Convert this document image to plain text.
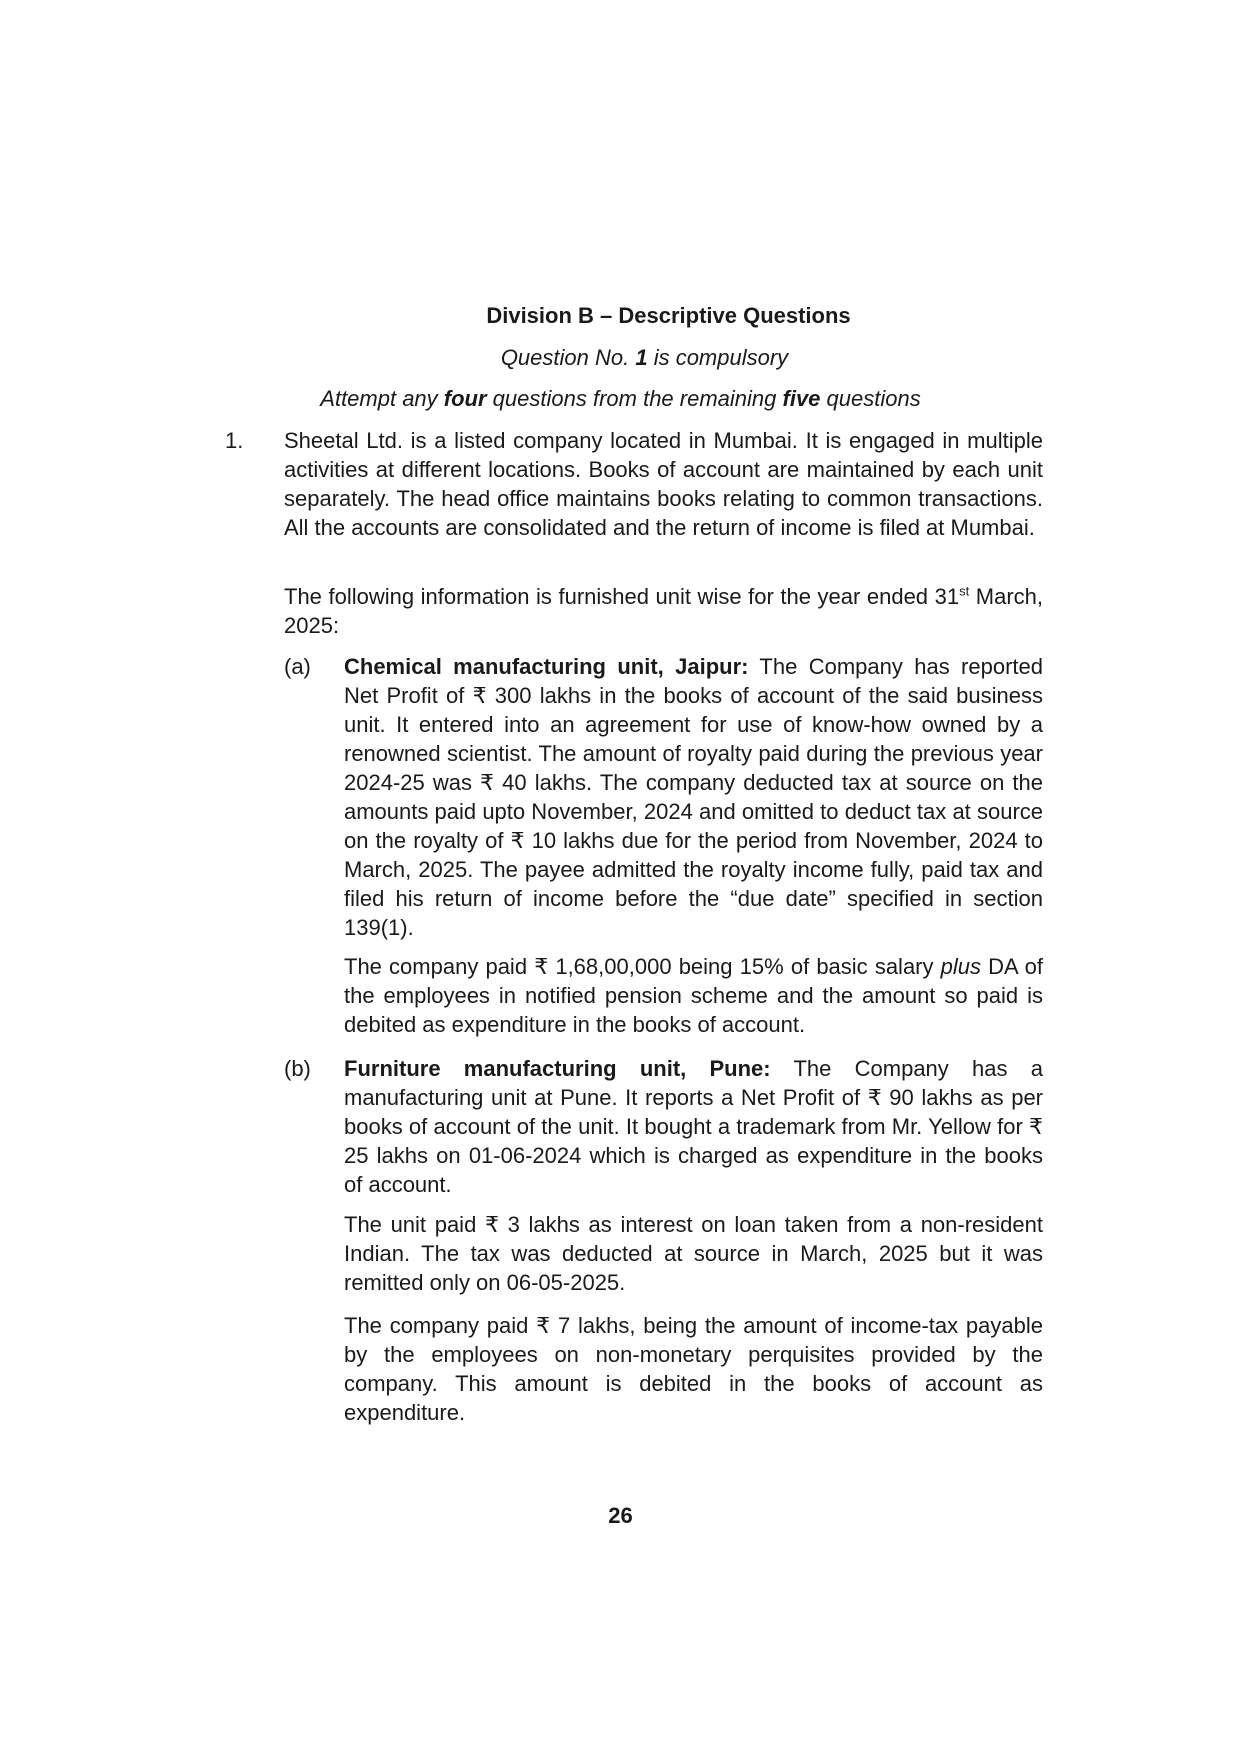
Division B – Descriptive Questions
Question No. 1 is compulsory
Attempt any four questions from the remaining five questions
1. Sheetal Ltd. is a listed company located in Mumbai. It is engaged in multiple activities at different locations. Books of account are maintained by each unit separately. The head office maintains books relating to common transactions. All the accounts are consolidated and the return of income is filed at Mumbai.

The following information is furnished unit wise for the year ended 31st March, 2025:

(a) Chemical manufacturing unit, Jaipur: The Company has reported Net Profit of ₹ 300 lakhs in the books of account of the said business unit. It entered into an agreement for use of know-how owned by a renowned scientist. The amount of royalty paid during the previous year 2024-25 was ₹ 40 lakhs. The company deducted tax at source on the amounts paid upto November, 2024 and omitted to deduct tax at source on the royalty of ₹ 10 lakhs due for the period from November, 2024 to March, 2025. The payee admitted the royalty income fully, paid tax and filed his return of income before the “due date” specified in section 139(1).

The company paid ₹ 1,68,00,000 being 15% of basic salary plus DA of the employees in notified pension scheme and the amount so paid is debited as expenditure in the books of account.

(b) Furniture manufacturing unit, Pune: The Company has a manufacturing unit at Pune. It reports a Net Profit of ₹ 90 lakhs as per books of account of the unit. It bought a trademark from Mr. Yellow for ₹ 25 lakhs on 01-06-2024 which is charged as expenditure in the books of account.

The unit paid ₹ 3 lakhs as interest on loan taken from a non-resident Indian. The tax was deducted at source in March, 2025 but it was remitted only on 06-05-2025.

The company paid ₹ 7 lakhs, being the amount of income-tax payable by the employees on non-monetary perquisites provided by the company. This amount is debited in the books of account as expenditure.

26
